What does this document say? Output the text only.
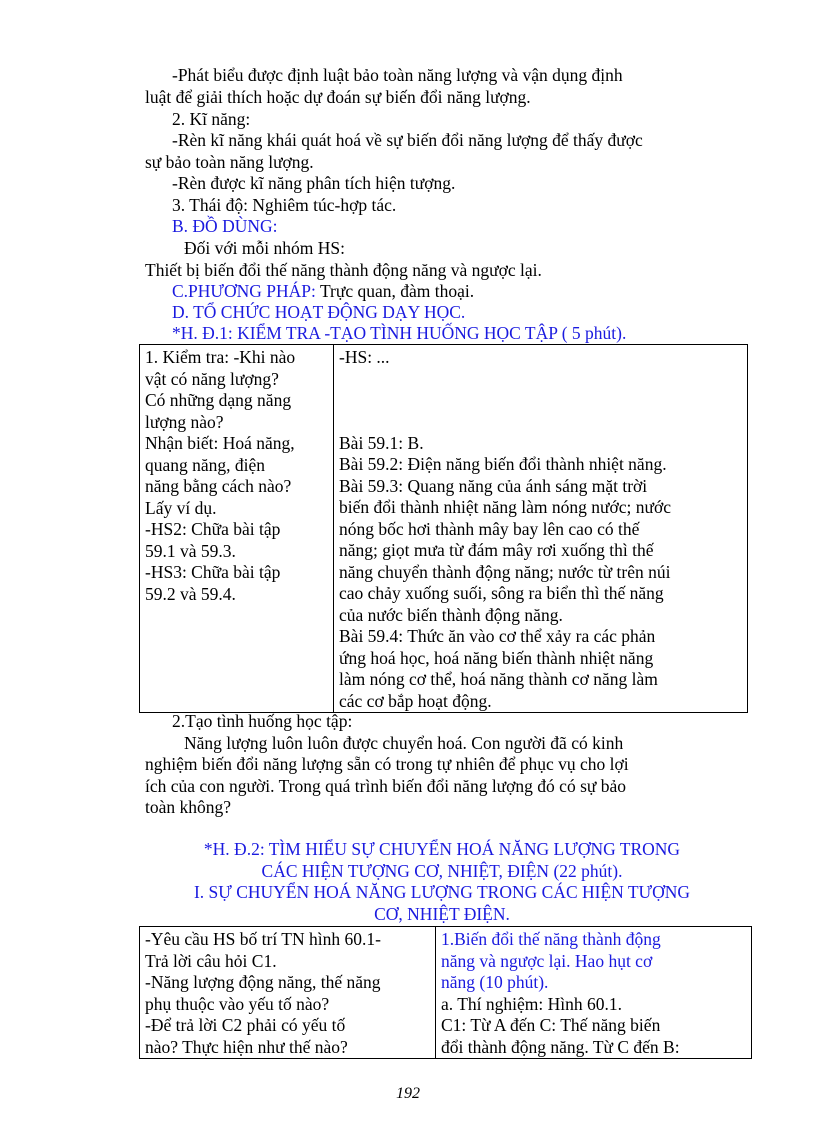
-Phát biểu được định luật bảo toàn năng lượng và vận dụng định
luật để giải thích hoặc dự đoán sự biến đổi năng lượng.
2. Kĩ năng:
-Rèn kĩ năng khái quát hoá về sự biến đổi năng lượng để thấy được
sự bảo toàn năng lượng.
-Rèn được kĩ năng phân tích hiện tượng.
3. Thái độ: Nghiêm túc-hợp tác.
B. ĐỒ DÙNG:
Đối với mỗi nhóm HS:
Thiết bị biến đổi thế năng thành động năng và ngược lại.
C.PHƯƠNG PHÁP: Trực quan, đàm thoại.
D. TỔ CHỨC HOẠT ĐỘNG DẠY HỌC.
*H. Đ.1: KIỂM TRA -TẠO TÌNH HUỐNG HỌC TẬP ( 5 phút).
1. Kiểm tra: -Khi nào
vật có năng lượng?
Có những dạng năng
lượng nào?
Nhận biết: Hoá năng,
quang năng, điện
năng bằng cách nào?
Lấy ví dụ.
-HS2: Chữa bài tập
59.1 và 59.3.
-HS3: Chữa bài tập
59.2 và 59.4.

-HS: ...
Bài 59.1: B.
Bài 59.2: Điện năng biến đổi thành nhiệt năng.
Bài 59.3: Quang năng của ánh sáng mặt trời
biến đổi thành nhiệt năng làm nóng nước; nước
nóng bốc hơi thành mây bay lên cao có thế
năng; giọt mưa từ đám mây rơi xuống thì thế
năng chuyển thành động năng; nước từ trên núi
cao chảy xuống suối, sông ra biển thì thế năng
của nước biến thành động năng.
Bài 59.4: Thức ăn vào cơ thể xảy ra các phản
ứng hoá học, hoá năng biến thành nhiệt năng
làm nóng cơ thể, hoá năng thành cơ năng làm
các cơ bắp hoạt động.
2.Tạo tình huống học tập:
Năng lượng luôn luôn được chuyển hoá. Con người đã có kinh
nghiệm biến đổi năng lượng sẵn có trong tự nhiên để phục vụ cho lợi
ích của con người. Trong quá trình biến đổi năng lượng đó có sự bảo
toàn không?
*H. Đ.2: TÌM HIỂU SỰ CHUYỂN HOÁ NĂNG LƯỢNG TRONG
CÁC HIỆN TƯỢNG CƠ, NHIỆT, ĐIỆN (22 phút).
I. SỰ CHUYỂN HOÁ NĂNG LƯỢNG TRONG CÁC HIỆN TƯỢNG
CƠ, NHIỆT ĐIỆN.
-Yêu cầu HS bố trí TN hình 60.1-
Trả lời câu hỏi C1.
-Năng lượng động năng, thế năng
phụ thuộc vào yếu tố nào?
-Để trả lời C2 phải có yếu tố
nào? Thực hiện như thế nào?

1.Biến đổi thế năng thành động
năng và ngược lại. Hao hụt cơ
năng (10 phút).
a. Thí nghiệm: Hình 60.1.
C1: Từ A đến C: Thế năng biến
đổi thành động năng. Từ C đến B:
192
